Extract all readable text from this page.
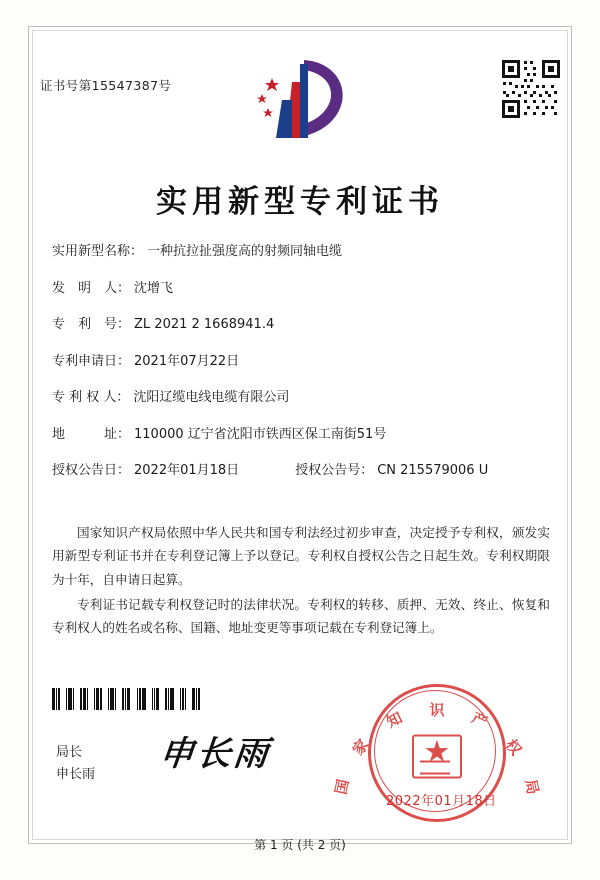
证书号第15547387号
实用新型专利证书
实用新型名称： 一种抗拉扯强度高的射频同轴电缆
发　明　人： 沈增飞
专　利　号： ZL 2021 2 1668941.4
专利申请日： 2021年07月22日
专 利 权 人： 沈阳辽缆电线电缆有限公司
地　　　址： 110000 辽宁省沈阳市铁西区保工南街51号
授权公告日： 2022年01月18日	授权公告号： CN 215579006 U

国家知识产权局依照中华人民共和国专利法经过初步审查，决定授予专利权，颁发实用新型专利证书并在专利登记簿上予以登记。专利权自授权公告之日起生效。专利权期限为十年，自申请日起算。

专利证书记载专利权登记时的法律状况。专利权的转移、质押、无效、终止、恢复和专利权人的姓名或名称、国籍、地址变更等事项记载在专利登记簿上。

局长
申长雨
申长雨	★
国
家
知 识 产
权
局
2022年01月18日
第 1 页 (共 2 页)
